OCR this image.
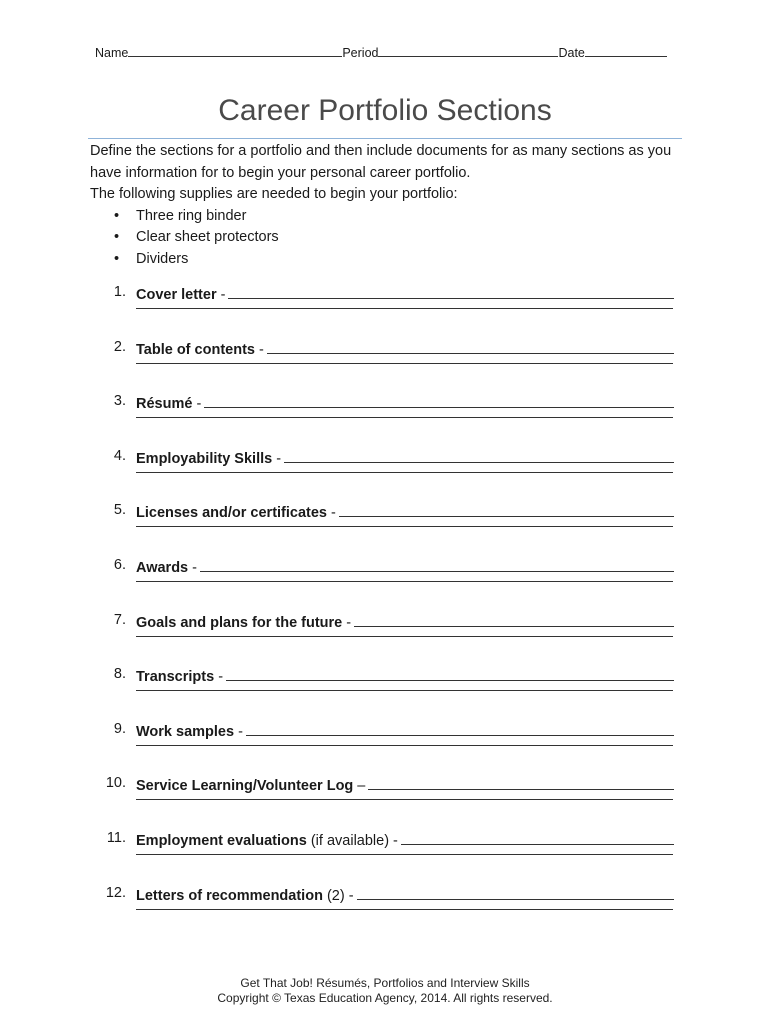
Name	Period	Date
Career Portfolio Sections

Define the sections for a portfolio and then include documents for as many sections as you have information for to begin your personal career portfolio.

The following supplies are needed to begin your portfolio:

• Three ring binder
• Clear sheet protectors
• Dividers
1. Cover letter -
2. Table of contents -
3. Résumé -
4. Employability Skills -
5. Licenses and/or certificates -
6. Awards -
7. Goals and plans for the future -
8. Transcripts -
9. Work samples -
10. Service Learning/Volunteer Log –
11. Employment evaluations (if available) -
12. Letters of recommendation (2) -

Get That Job! Résumés, Portfolios and Interview Skills

Copyright © Texas Education Agency, 2014. All rights reserved.
